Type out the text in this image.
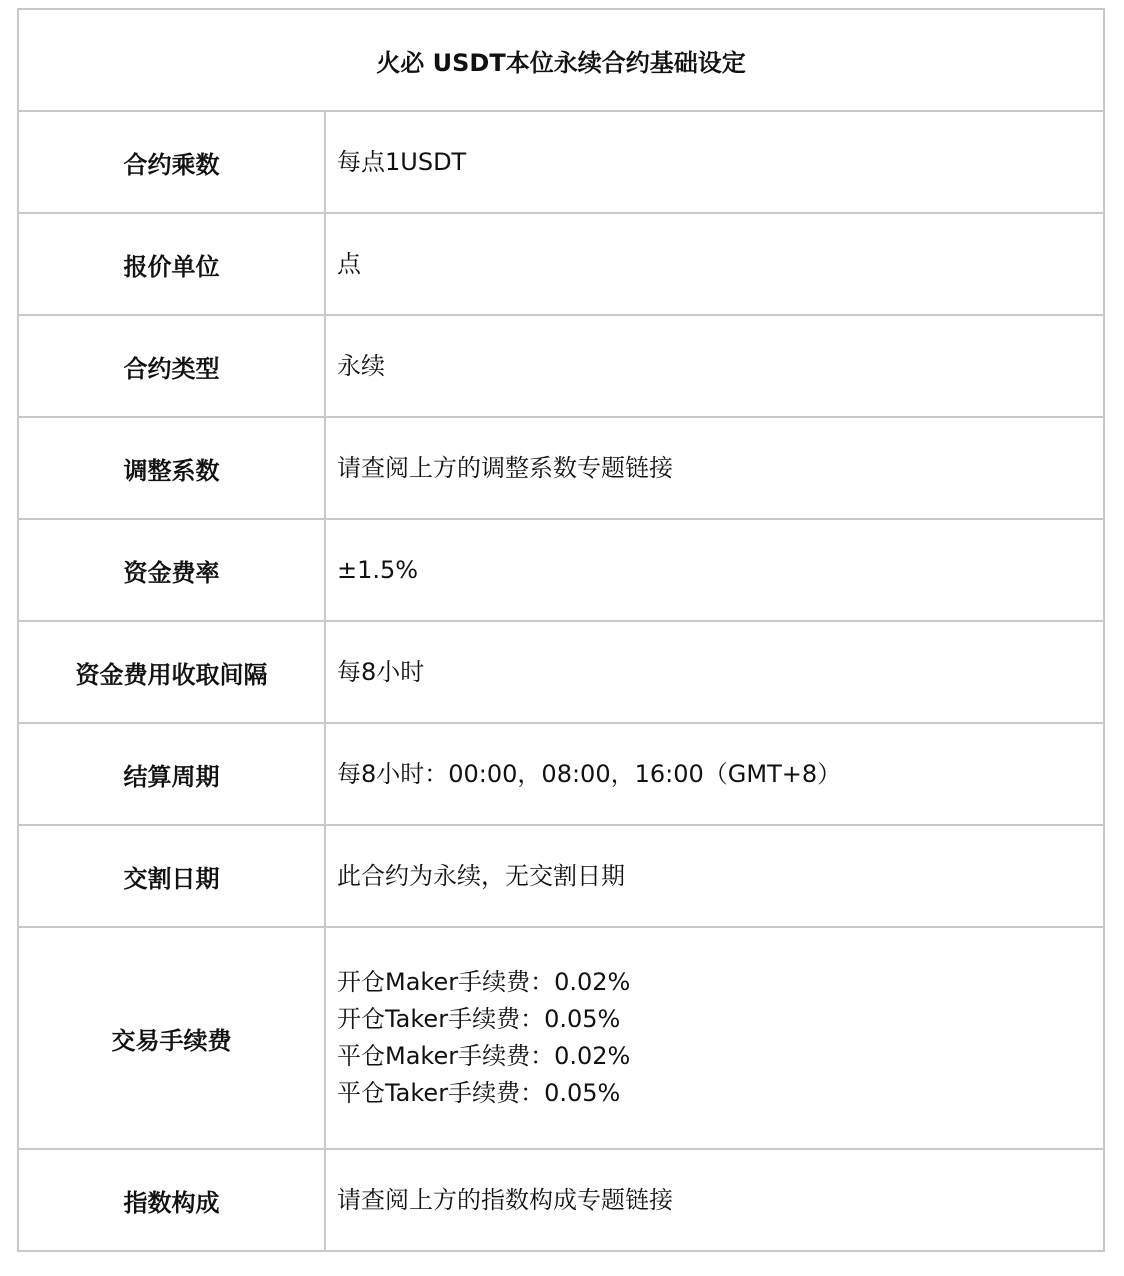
火必 USDT本位永续合约基础设定	
合约乘数	每点1USDT
报价单位	点
合约类型	永续
调整系数	请查阅上方的调整系数专题链接
资金费率	±1.5%
资金费用收取间隔	每8小时
结算周期	每8小时：00:00，08:00，16:00（GMT+8）
交割日期	此合约为永续，无交割日期
交易手续费	开仓Maker手续费：0.02%
开仓Taker手续费：0.05%
平仓Maker手续费：0.02%
平仓Taker手续费：0.05%

指数构成	请查阅上方的指数构成专题链接
